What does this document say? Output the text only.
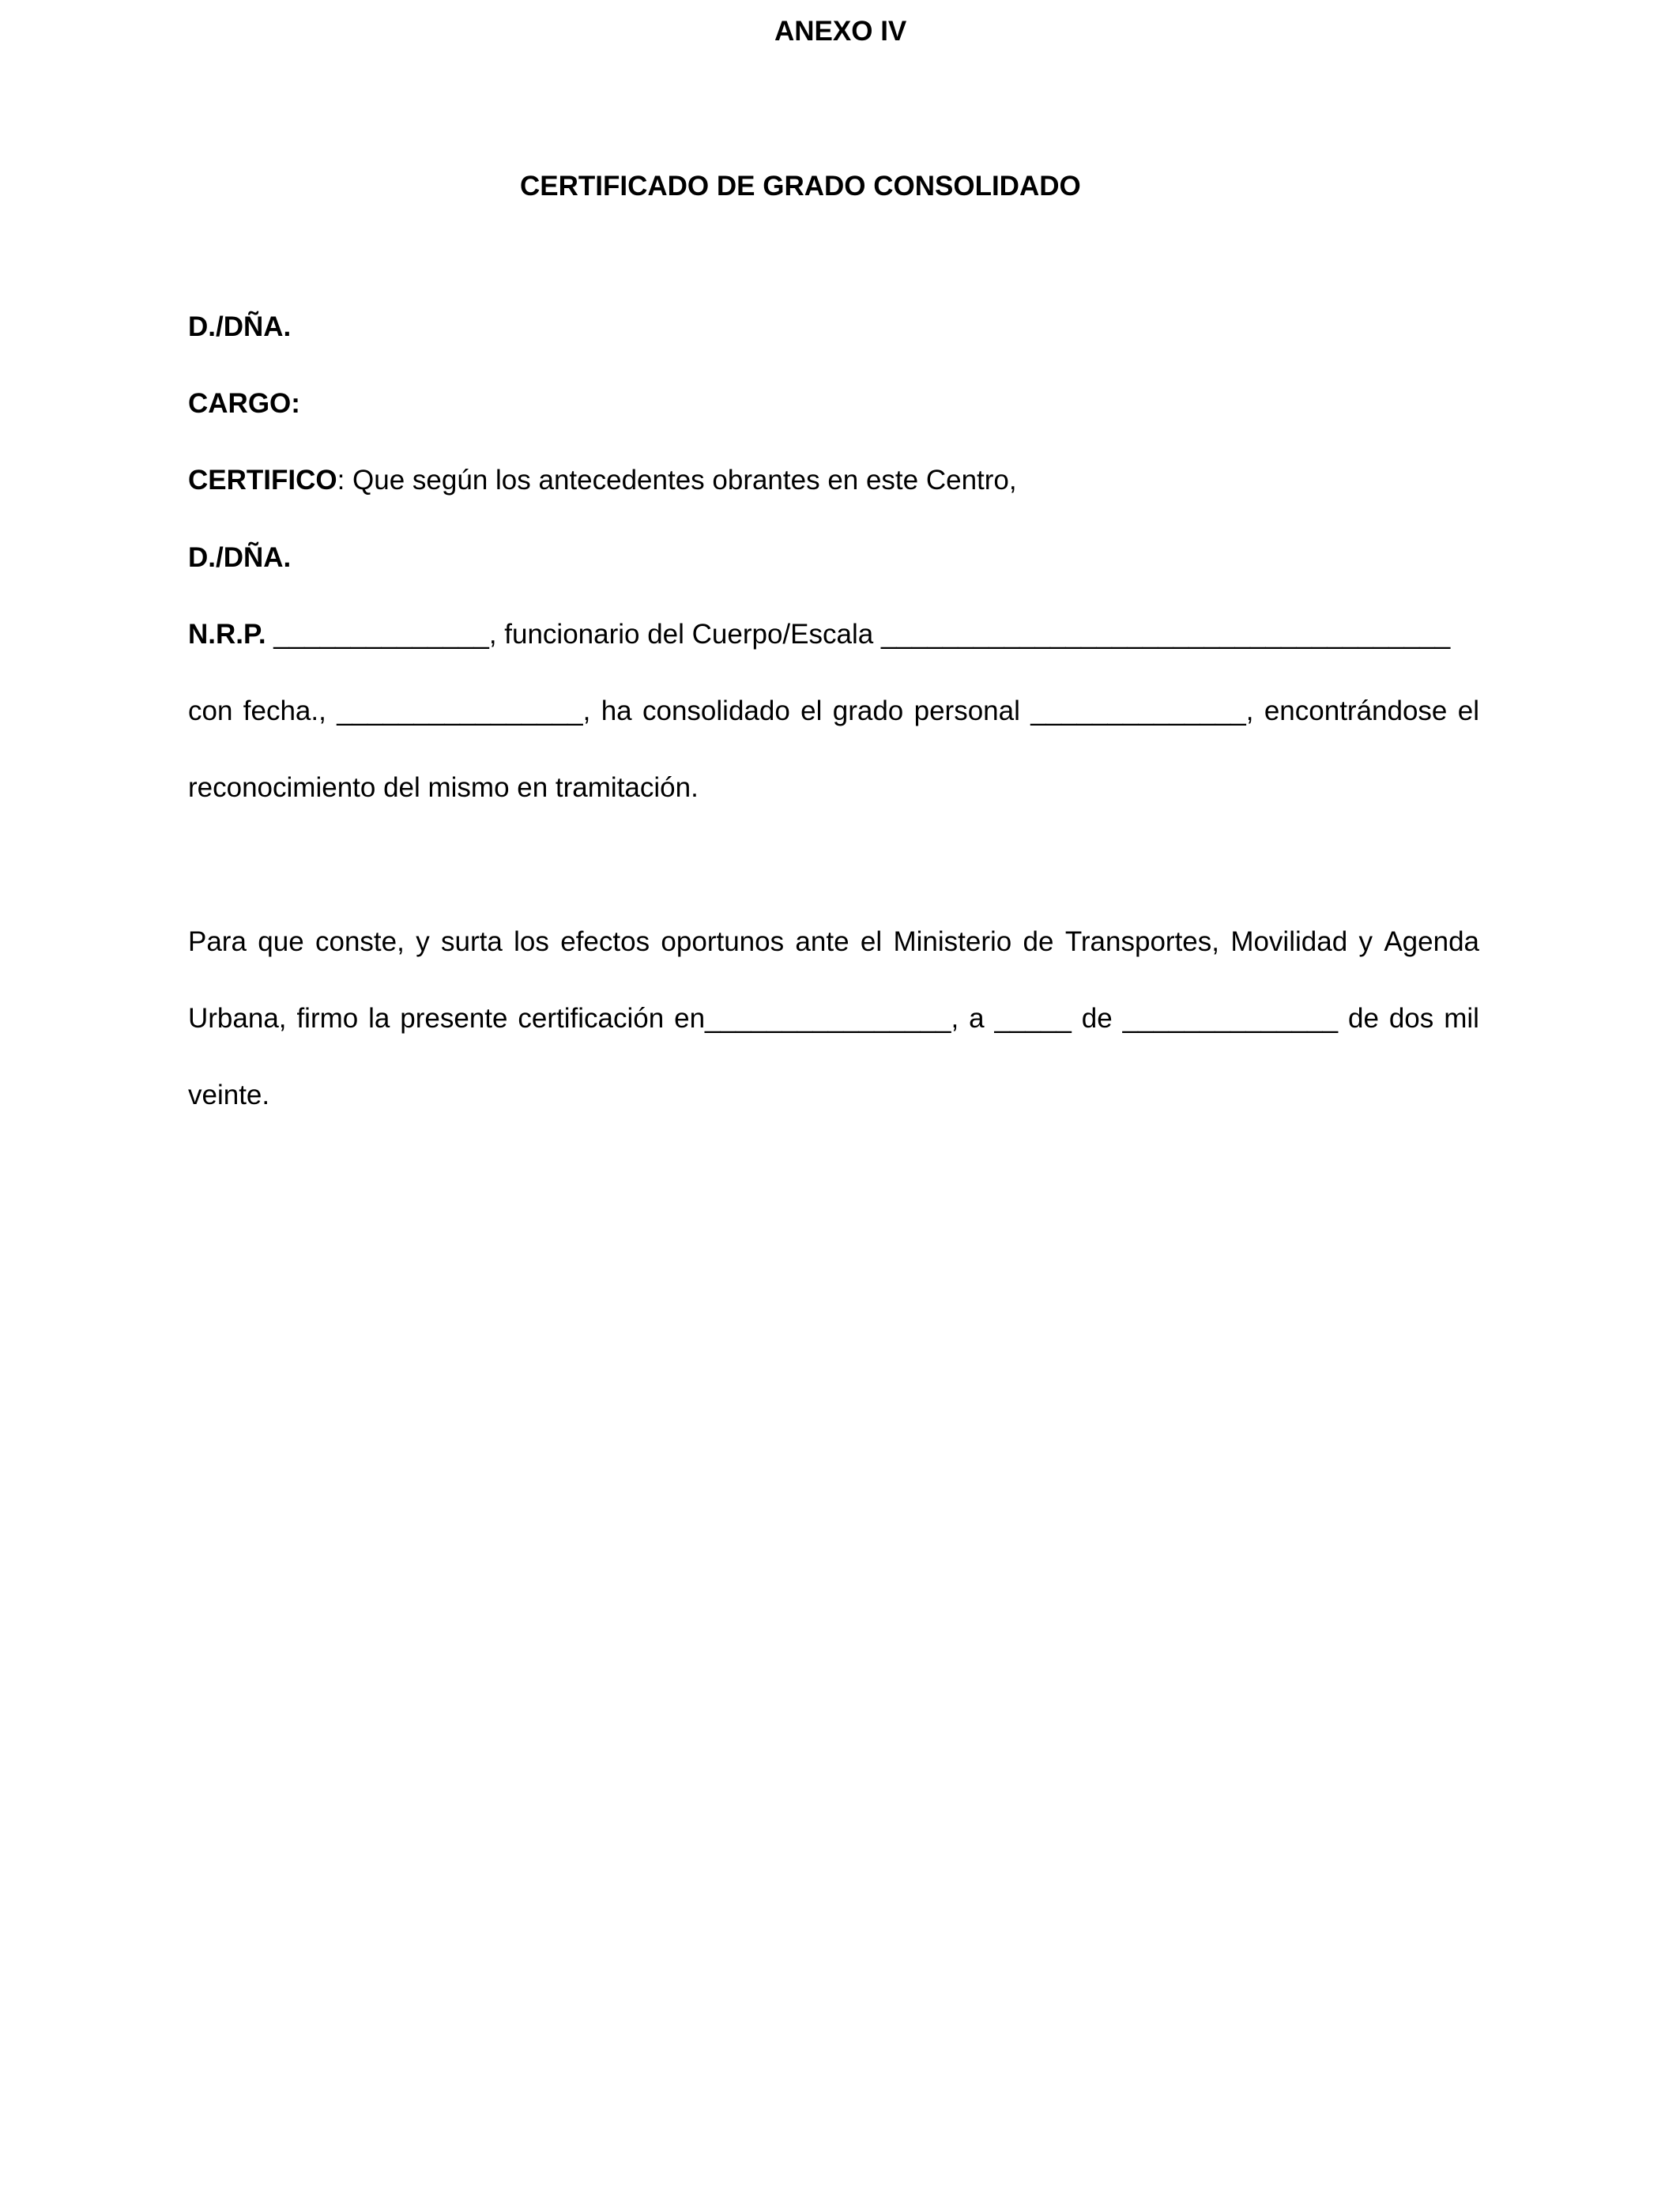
ANEXO IV
CERTIFICADO DE GRADO CONSOLIDADO
D./DÑA.
CARGO:
CERTIFICO: Que según los antecedentes obrantes en este Centro,
D./DÑA.
N.R.P. ______________, funcionario del Cuerpo/Escala _____________________________________
con fecha., ________________, ha consolidado el grado personal ______________, encontrándose el
reconocimiento del mismo en tramitación.
Para que conste, y surta los efectos oportunos ante el Ministerio de Transportes, Movilidad y Agenda
Urbana, firmo la presente certificación en________________, a _____ de ______________ de dos mil
veinte.
